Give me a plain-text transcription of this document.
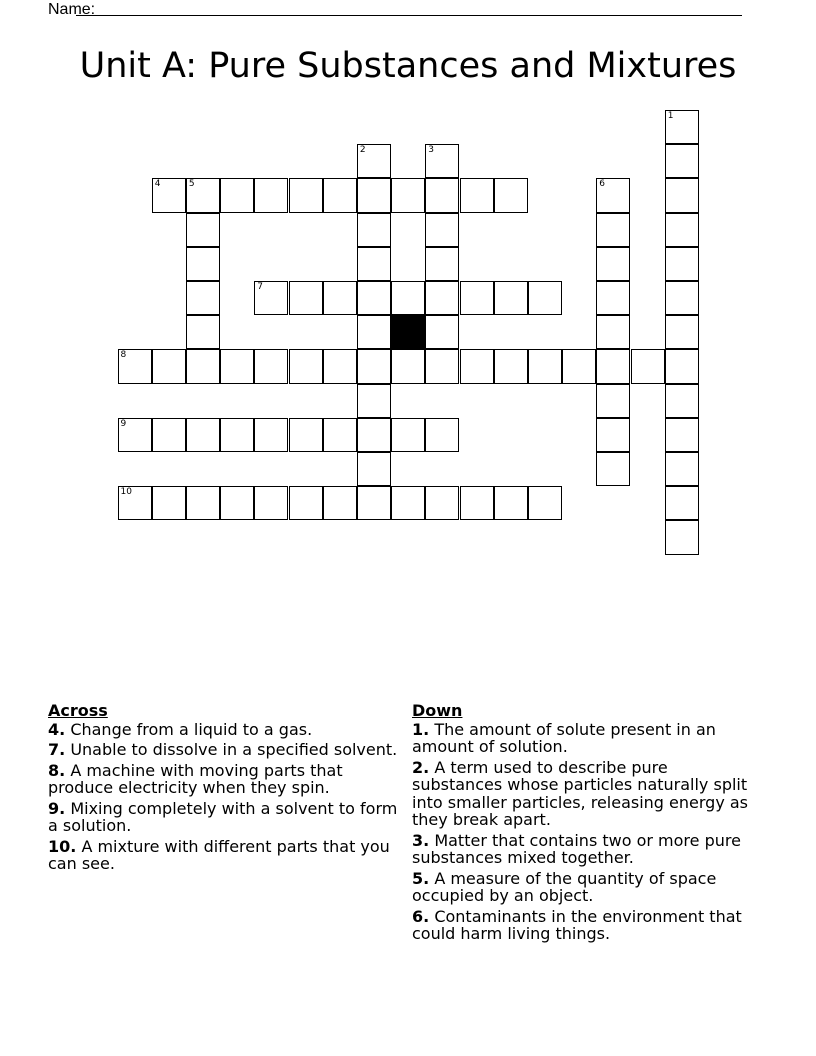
Name:
Unit A: Pure Substances and Mixtures
4	5
7
8
9
10
1
2	3
6
Across
4. Change from a liquid to a gas.
7. Unable to dissolve in a specified solvent.
8. A machine with moving parts that produce electricity when they spin.
9. Mixing completely with a solvent to form a solution.
10. A mixture with different parts that you can see.
Down
1. The amount of solute present in an amount of solution.
2. A term used to describe pure substances whose particles naturally split into smaller particles, releasing energy as they break apart.
3. Matter that contains two or more pure substances mixed together.
5. A measure of the quantity of space occupied by an object.
6. Contaminants in the environment that could harm living things.
